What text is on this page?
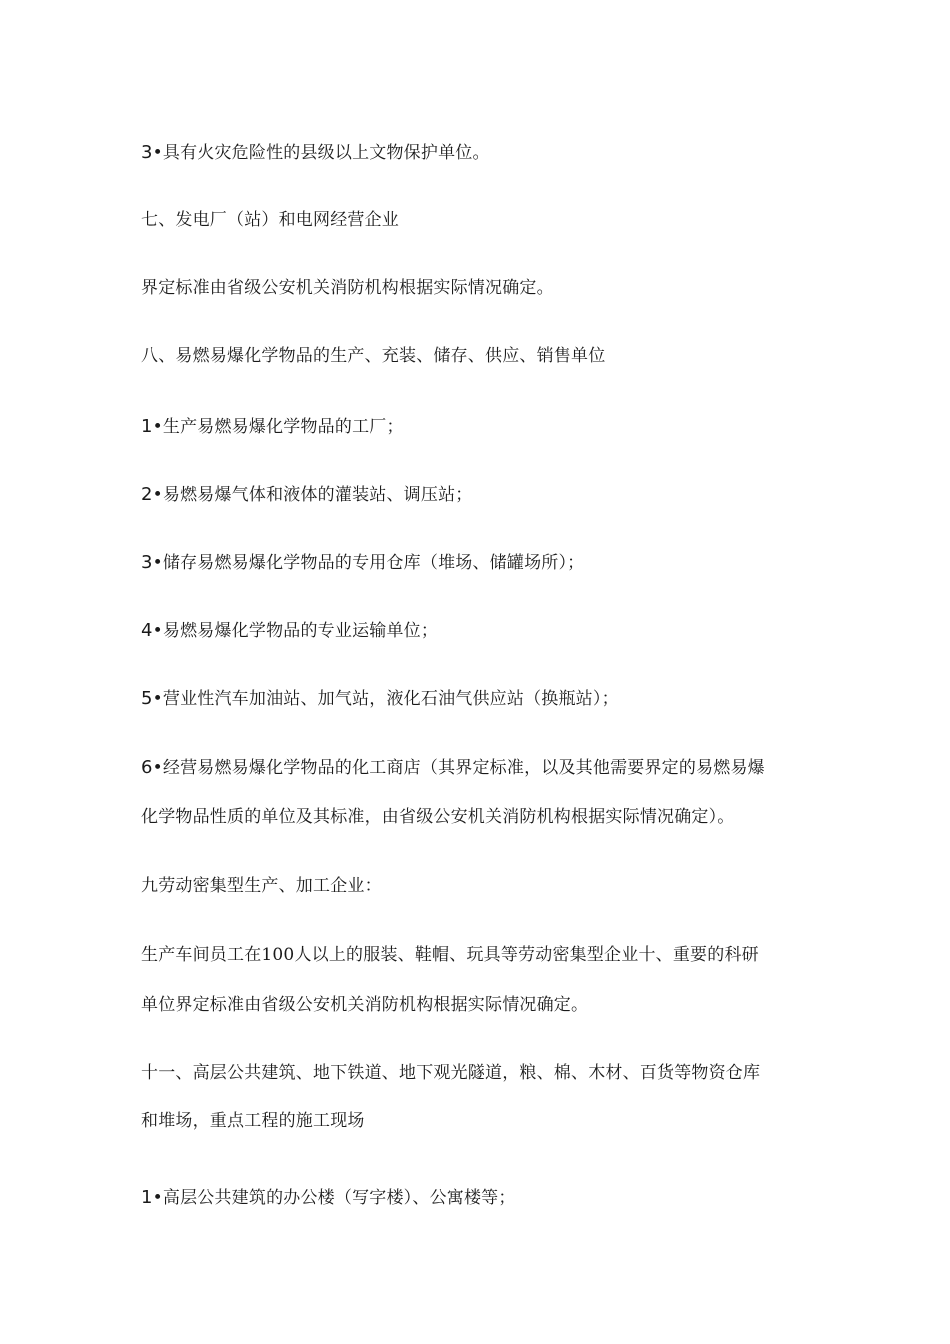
3•具有火灾危险性的县级以上文物保护单位。
七、发电厂（站）和电网经营企业
界定标准由省级公安机关消防机构根据实际情况确定。
八、易燃易爆化学物品的生产、充装、储存、供应、销售单位
1•生产易燃易爆化学物品的工厂；
2•易燃易爆气体和液体的灌装站、调压站；
3•储存易燃易爆化学物品的专用仓库（堆场、储罐场所）；
4•易燃易爆化学物品的专业运输单位；
5•营业性汽车加油站、加气站，液化石油气供应站（换瓶站）；
6•经营易燃易爆化学物品的化工商店（其界定标准，以及其他需要界定的易燃易爆
化学物品性质的单位及其标准，由省级公安机关消防机构根据实际情况确定）。
九劳动密集型生产、加工企业：
生产车间员工在100人以上的服装、鞋帽、玩具等劳动密集型企业十、重要的科研
单位界定标准由省级公安机关消防机构根据实际情况确定。
十一、高层公共建筑、地下铁道、地下观光隧道，粮、棉、木材、百货等物资仓库
和堆场，重点工程的施工现场
1•高层公共建筑的办公楼（写字楼）、公寓楼等；
